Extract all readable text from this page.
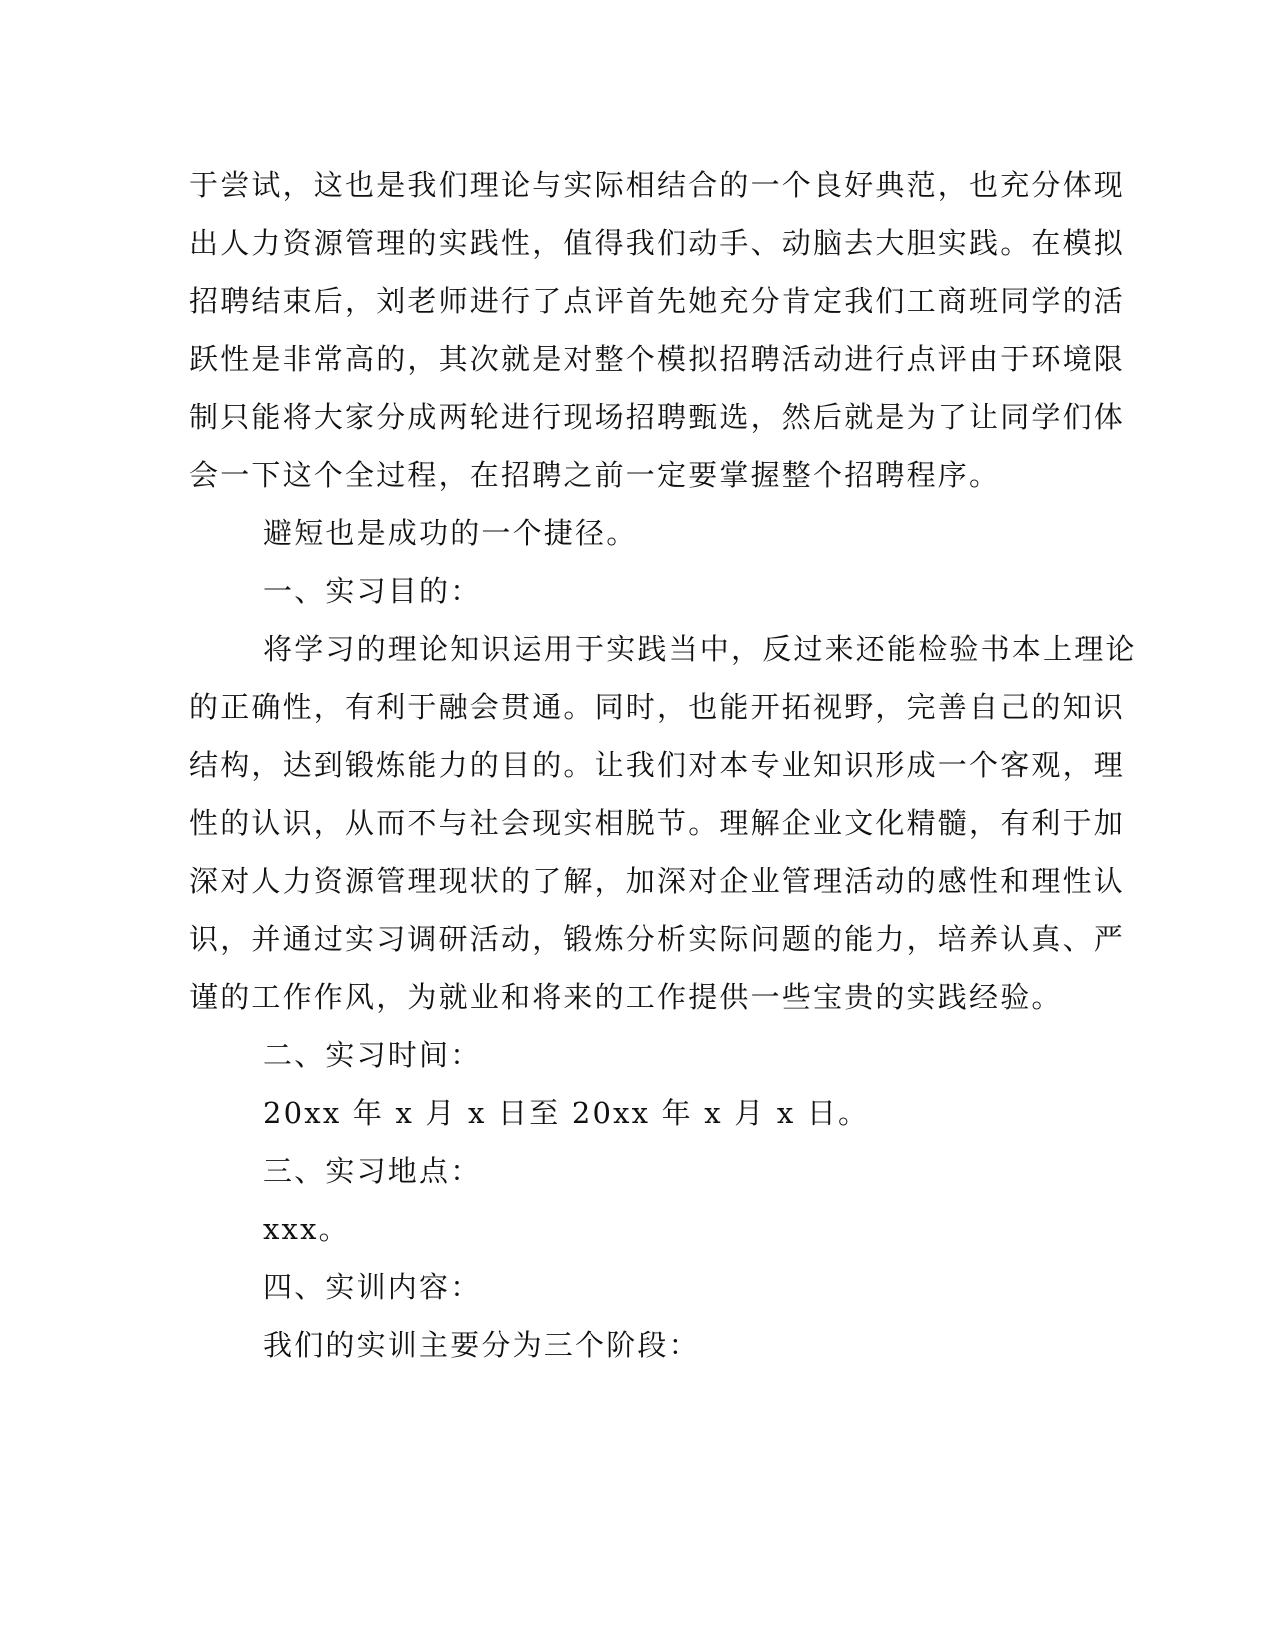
于尝试，这也是我们理论与实际相结合的一个良好典范，也充分体现
出人力资源管理的实践性，值得我们动手、动脑去大胆实践。在模拟
招聘结束后，刘老师进行了点评首先她充分肯定我们工商班同学的活
跃性是非常高的，其次就是对整个模拟招聘活动进行点评由于环境限
制只能将大家分成两轮进行现场招聘甄选，然后就是为了让同学们体
会一下这个全过程，在招聘之前一定要掌握整个招聘程序。
避短也是成功的一个捷径。
一、实习目的：
将学习的理论知识运用于实践当中，反过来还能检验书本上理论
的正确性，有利于融会贯通。同时，也能开拓视野，完善自己的知识
结构，达到锻炼能力的目的。让我们对本专业知识形成一个客观，理
性的认识，从而不与社会现实相脱节。理解企业文化精髓，有利于加
深对人力资源管理现状的了解，加深对企业管理活动的感性和理性认
识，并通过实习调研活动，锻炼分析实际问题的能力，培养认真、严
谨的工作作风，为就业和将来的工作提供一些宝贵的实践经验。
二、实习时间：
20xx 年 x 月 x 日至 20xx 年 x 月 x 日。
三、实习地点：
xxx。
四、实训内容：
我们的实训主要分为三个阶段：
